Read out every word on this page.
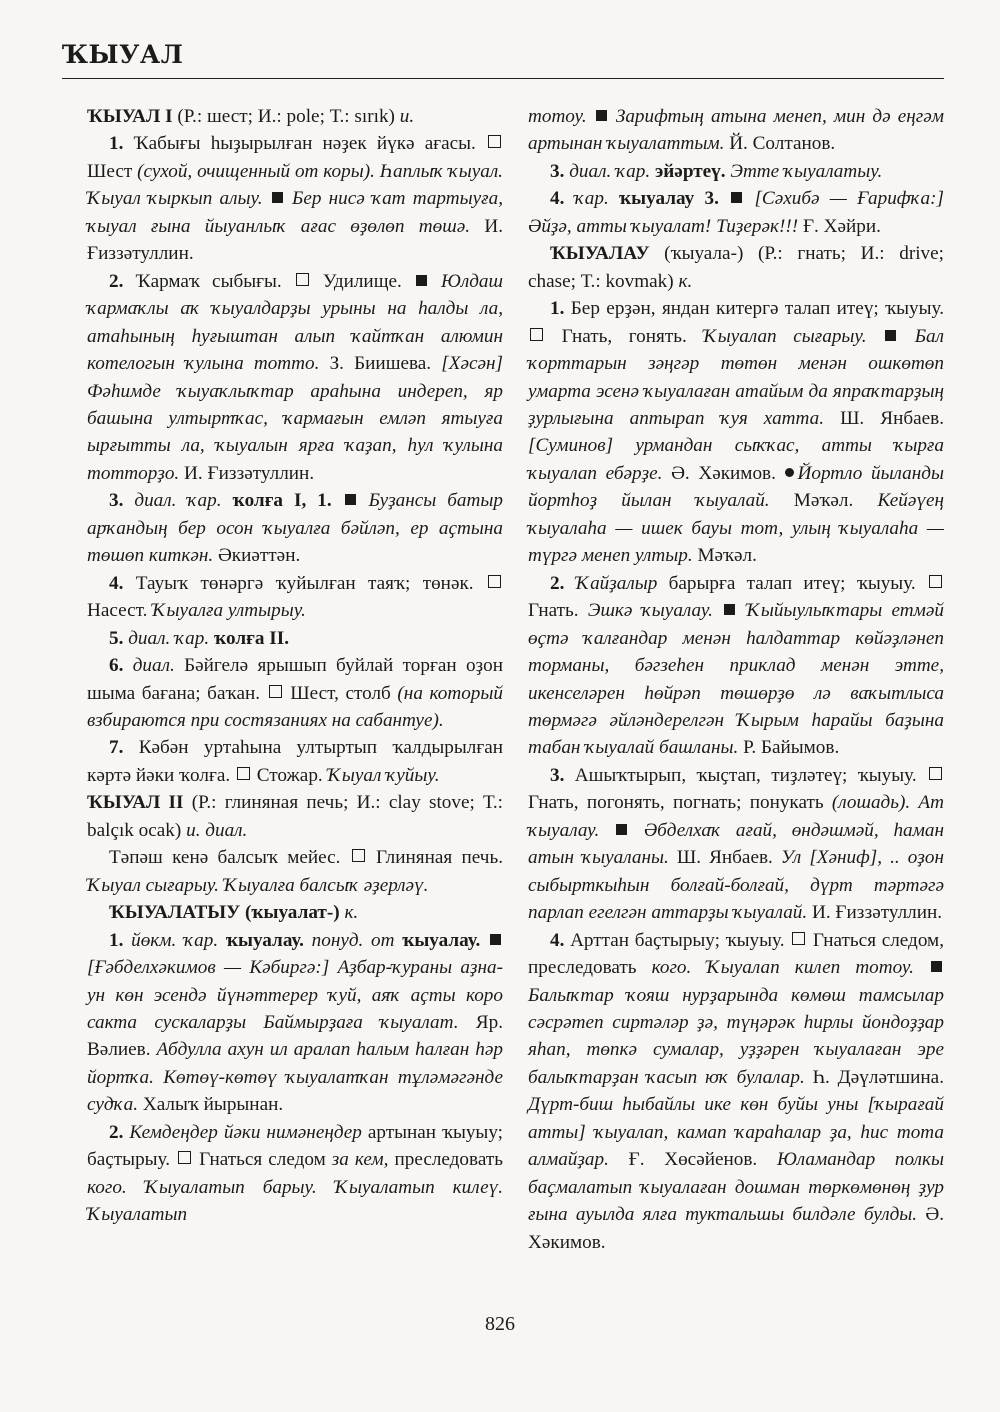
ҠЫУАЛ

ҠЫУАЛ I (Р.: шест; И.: pole; Т.: sırık) и.

1. Ҡабығы һыҙырылған нәҙек йүкә ағасы.  Шест (сухой, очищенный от коры). Һаплыҡ ҡыуал. Ҡыуал ҡыркып алыу.  Бер нисә ҡат тартыуға, ҡыуал ғына йыуанлыҡ ағас өҙөлөп төшә. И. Ғиззәтуллин.

2. Ҡармаҡ сыбығы.  Удилище.  Юлдаш ҡармаҡлы аҡ ҡыуалдарҙы урыны на һалды ла, атаһының һуғыштан алып ҡайтҡан алюмин котелогын ҡулына тотто. З. Биишева. [Хәсән] Фәһимде ҡыуаҡлыҡтар араһына индереп, яр башына ултыртҡас, ҡармағын емләп ятыуға ырғытты ла, ҡыуалын ярға ҡаҙап, һул ҡулына тотторҙо. И. Ғиззәтуллин.

3. диал. ҡар. ҡолға I, 1.  Буҙансы батыр арҡандың бер осон ҡыуалға бәйләп, ер аҫтына төшөп киткән. Әкиәттән.

4. Тауыҡ төнәргә ҡуйылған таяҡ; төнәк.  Насест. Ҡыуалға ултырыу.

5. диал. ҡар. ҡолға II.

6. диал. Бәйгелә ярышып буйлай торған оҙон шыма бағана; баҡан.  Шест, столб (на который взбираются при состязаниях на сабантуе).

7. Кәбән уртаһына ултыртып ҡалдырылған кәртә йәки ҡолға.  Стожар. Ҡыуал ҡуйыу.

ҠЫУАЛ II (Р.: глиняная печь; И.: clay stove; Т.: balçık ocak) и. диал.

Тәпәш кенә балсыҡ мейес.  Глиняная печь. Ҡыуал сығарыу. Ҡыуалға балсыҡ әҙерләү.

ҠЫУАЛАТЫУ (ҡыуалат-) к.

1. йөкм. ҡар. ҡыуалау. понуд. от ҡыуалау.  [Ғәбделхәкимов — Кәбиргә:] Аҙбар-ҡураны аҙна-ун көн эсендә йүнәттерер ҡуй, аяҡ аҫты коро сакта сускаларҙы Баймырҙаға ҡыуалат. Яр. Вәлиев. Абдулла ахун ил аралап һалым һалған һәр йортҡа. Көтөү-көтөү ҡыуалатҡан тұләмәгәнде судҡа. Халыҡ йырынан.

2. Кемдеңдер йәки нимәнеңдер артынан ҡыуыу; баҫтырыу.  Гнаться следом за кем, преследовать кого. Ҡыуалатып барыу. Ҡыуалатып килеү. Ҡыуалатып

тотоу.  Зарифтың атына менеп, мин дә еңгәм артынан ҡыуалаттым. Й. Солтанов.

3. диал. ҡар. эйәртеү. Этте ҡыуалатыу.

4. ҡар. ҡыуалау 3.  [Сәхибә — Ғарифҡа:] Әйҙә, атты ҡыуалат! Тиҙерәк!!! Ғ. Хәйри.

ҠЫУАЛАУ (ҡыуала-) (Р.: гнать; И.: drive; chase; Т.: kovmak) к.

1. Бер ерҙән, яндан китергә талап итеү; ҡыуыу.  Гнать, гонять. Ҡыуалап сығарыу.  Бал ҡорттарын зәңгәр төтөн менән ошкөтөп умарта эсенә ҡыуалаған атайым да япраҡтарҙың ҙурлығына аптырап ҡуя хатта. Ш. Янбаев. [Суминов] урмандан сыҡҡас, атты ҡырға ҡыуалап ебәрҙе. Ә. Хәкимов. Йортло йыланды йортһоҙ йылан ҡыуалай. Мәҡәл. Кейәүең ҡыуалаһа — ишек бауы тот, улың ҡыуалаһа — түргә менеп ултыр. Мәҡәл.

2. Ҡайҙалыр барырға талап итеү; ҡыуыу.  Гнать. Эшкә ҡыуалау.  Ҡыйыулыҡтары етмәй өҫтә ҡалғандар менән һалдаттар көйәҙләнеп торманы, бәгзеһен приклад менән эттe, икенселәрен һөйрәп төшөрҙө лә ваҡытлыса төрмәгә әйләндерелгән Ҡырым һарайы баҙына табан ҡыуалай башланы. Р. Байымов.

3. Ашыҡтырып, ҡыҫтап, тиҙләтеү; ҡыуыу.  Гнать, погонять, погнать; понукать (лошадь). Ат ҡыуалау.  Әбделхаҡ ағай, өндәшмәй, һаман атын ҡыуаланы. Ш. Янбаев. Ул [Хәниф], .. оҙон сыбырткыһын болғай-болғай, дүрт тәртәгә парлап егелгән аттарҙы ҡыуалай. И. Ғиззәтуллин.

4. Арттан баҫтырыу; ҡыуыу.  Гнаться следом, преследовать кого. Ҡыуалап килеп тотоу.  Балыҡтар ҡояш нурҙарында көмөш тамсылар сәсрәтеп сиртәләр ҙә, түңәрәк һирлы йондоҙҙар яһап, төпкә сумалар, уҙҙәрен ҡыуалаған эре балыҡтарҙан ҡасып юҡ булалар. Һ. Дәүләтшина. Дүрт-биш һыбайлы ике көн буйы уны [ҡырағай атты] ҡыуалап, камап ҡараһалар ҙа, һис тота алмайҙар. Ғ. Хөсәйенов. Юламандар полкы баҫмалатып ҡыуалаған дошман төркөмөнөң ҙур ғына ауылда ялға туктальшы билдәле булды. Ә. Хәкимов.

826
